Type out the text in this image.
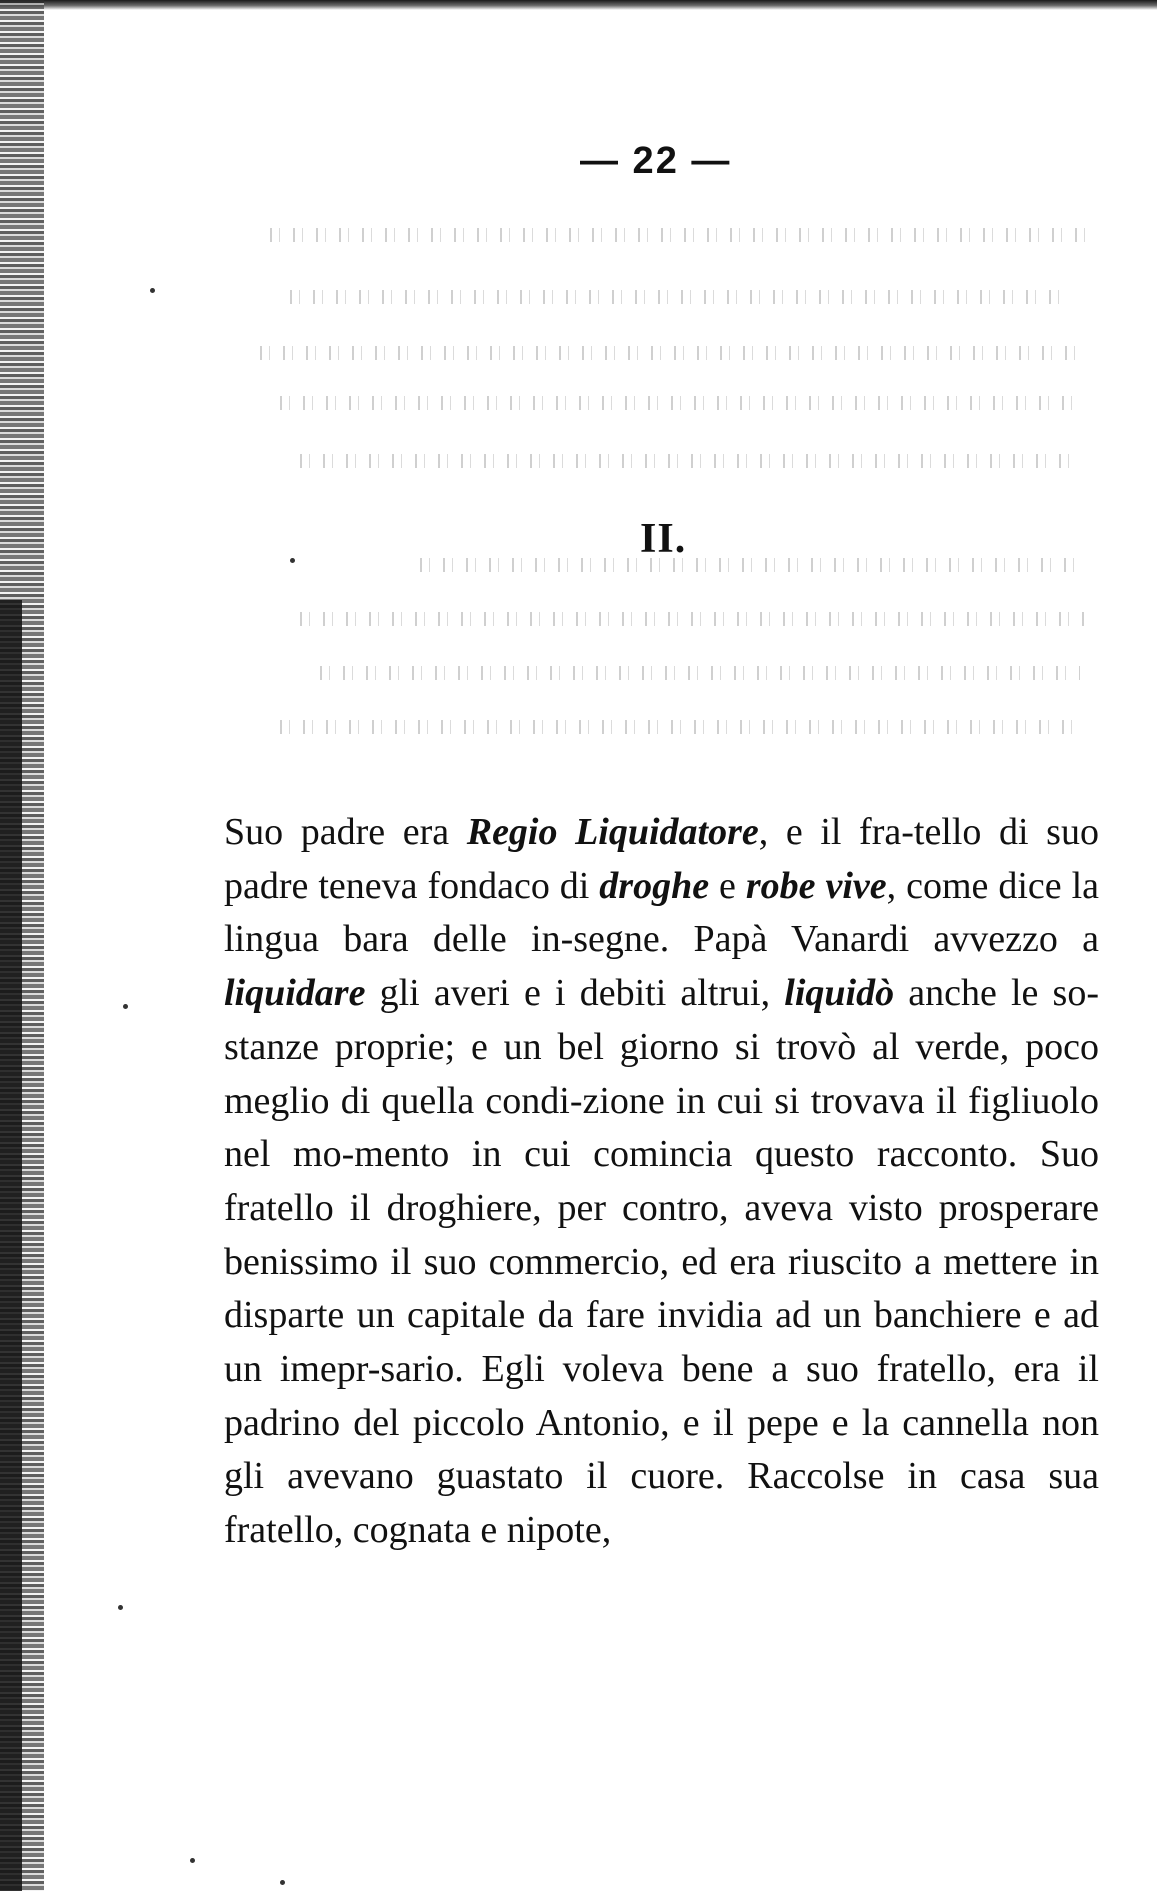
— 22 —
II.

Suo padre era Regio Liquidatore, e il fra-tello di suo padre teneva fondaco di droghe e robe vive, come dice la lingua bara delle in-segne. Papà Vanardi avvezzo a liquidare gli averi e i debiti altrui, liquidò anche le so-stanze proprie; e un bel giorno si trovò al verde, poco meglio di quella condi-zione in cui si trovava il figliuolo nel mo-mento in cui comincia questo racconto. Suo fratello il droghiere, per contro, aveva visto prosperare benissimo il suo commercio, ed era riuscito a mettere in disparte un capitale da fare invidia ad un banchiere e ad un imepr-sario. Egli voleva bene a suo fratello, era il padrino del piccolo Antonio, e il pepe e la cannella non gli avevano guastato il cuore. Raccolse in casa sua fratello, cognata e nipote,
